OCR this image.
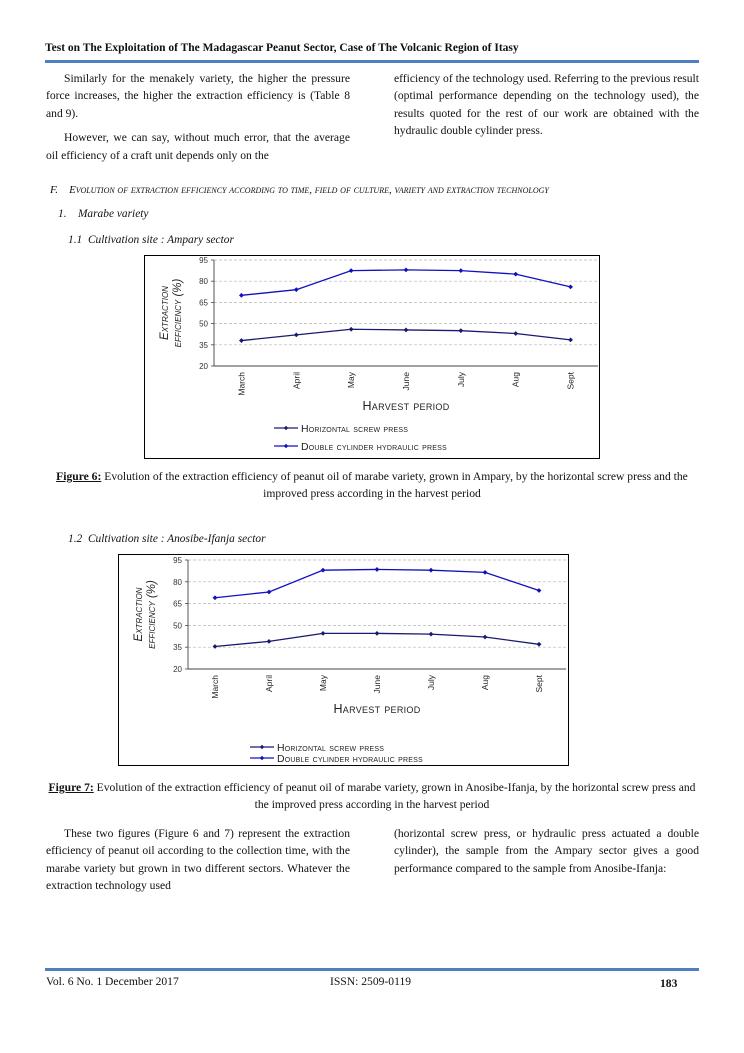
Test on The Exploitation of The Madagascar Peanut Sector, Case of The Volcanic Region of Itasy

Similarly for the menakely variety, the higher the pressure force increases, the higher the extraction efficiency is (Table 8 and 9).

However, we can say, without much error, that the average oil efficiency of a craft unit depends only on the

efficiency of the technology used. Referring to the previous result (optimal performance depending on the technology used), the results quoted for the rest of our work are obtained with the hydraulic double cylinder press.

F. Evolution of extraction efficiency according to time, field of culture, variety and extraction technology
1. Marabe variety
1.1 Cultivation site : Ampary sector
20
35
50
65
80
95
March	April	May	June	July	Aug	Sept
Extraction efficiency (%)
Harvest period
Horizontal screw press
Double cylinder hydraulic press
Figure 6: Evolution of the extraction efficiency of peanut oil of marabe variety, grown in Ampary, by the horizontal screw press and the improved press according in the harvest period
1.2 Cultivation site : Anosibe-Ifanja sector
20
35
50
65
80
95
March	April	May	June	July	Aug	Sept
Extraction efficiency (%)
Harvest period
Horizontal screw press
Double cylinder hydraulic press
Figure 7: Evolution of the extraction efficiency of peanut oil of marabe variety, grown in Anosibe-Ifanja, by the horizontal screw press and the improved press according in the harvest period

These two figures (Figure 6 and 7) represent the extraction efficiency of peanut oil according to the collection time, with the marabe variety but grown in two different sectors. Whatever the extraction technology used

(horizontal screw press, or hydraulic press actuated a double cylinder), the sample from the Ampary sector gives a good performance compared to the sample from Anosibe-Ifanja:

Vol. 6 No. 1 December 2017	ISSN: 2509-0119	183
